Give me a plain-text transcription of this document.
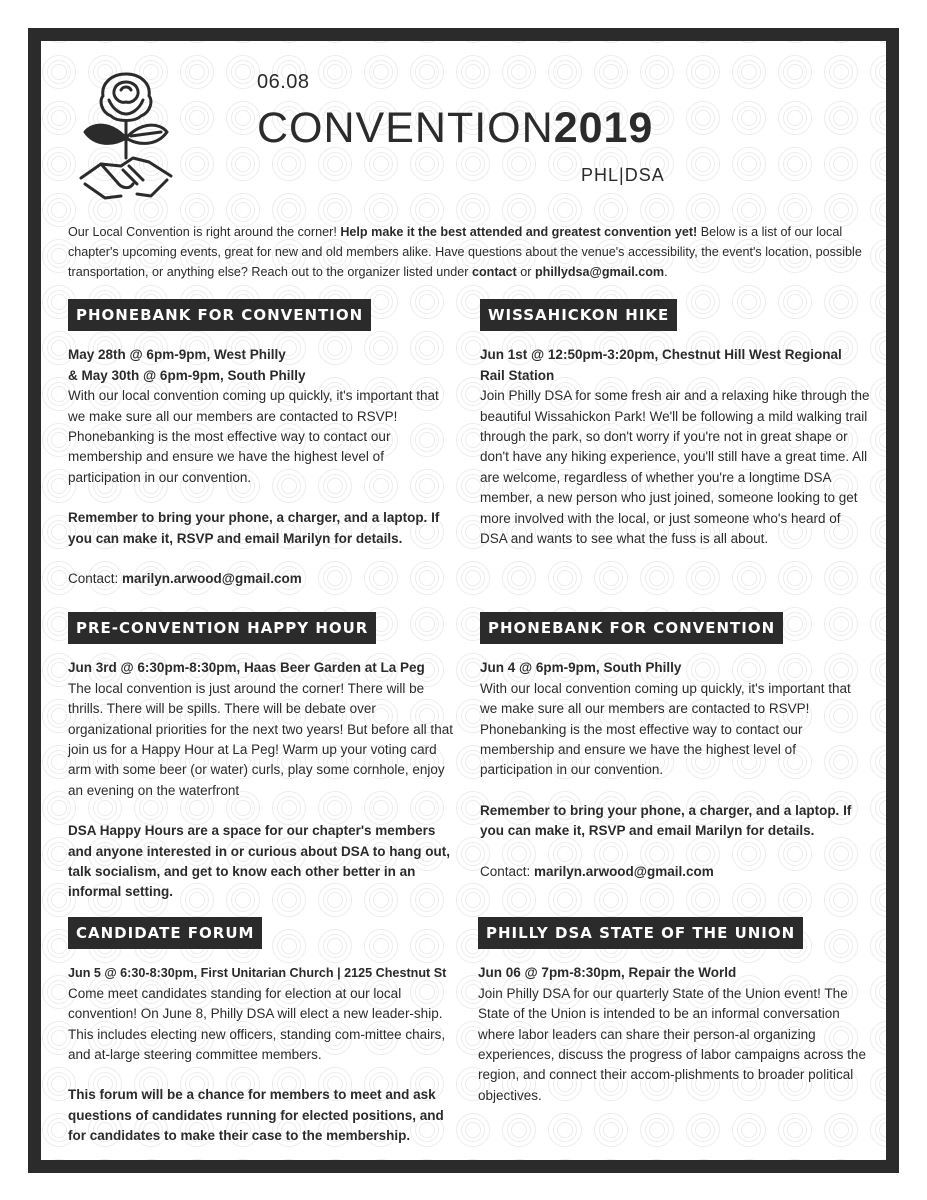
06.08
CONVENTION2019
PHL|DSA
Our Local Convention is right around the corner! Help make it the best attended and greatest convention yet! Below is a list of our local chapter's upcoming events, great for new and old members alike. Have questions about the venue's accessibility, the event's location, possible transportation, or anything else? Reach out to the organizer listed under contact or phillydsa@gmail.com.
PHONEBANK FOR CONVENTION
May 28th @ 6pm-9pm, West Philly
& May 30th @ 6pm-9pm, South Philly

With our local convention coming up quickly, it's important that we make sure all our members are contacted to RSVP! Phonebanking is the most effective way to contact our membership and ensure we have the highest level of participation in our convention.

Remember to bring your phone, a charger, and a laptop. If you can make it, RSVP and email Marilyn for details.

Contact: marilyn.arwood@gmail.com
WISSAHICKON HIKE
Jun 1st @ 12:50pm-3:20pm, Chestnut Hill West Regional Rail Station

Join Philly DSA for some fresh air and a relaxing hike through the beautiful Wissahickon Park! We'll be following a mild walking trail through the park, so don't worry if you're not in great shape or don't have any hiking experience, you'll still have a great time. All are welcome, regardless of whether you're a longtime DSA member, a new person who just joined, someone looking to get more involved with the local, or just someone who's heard of DSA and wants to see what the fuss is all about.

PRE-CONVENTION HAPPY HOUR
Jun 3rd @ 6:30pm-8:30pm, Haas Beer Garden at La Peg

The local convention is just around the corner! There will be thrills. There will be spills. There will be debate over organizational priorities for the next two years! But before all that join us for a Happy Hour at La Peg! Warm up your voting card arm with some beer (or water) curls, play some cornhole, enjoy an evening on the waterfront

DSA Happy Hours are a space for our chapter's members and anyone interested in or curious about DSA to hang out, talk socialism, and get to know each other better in an informal setting.

PHONEBANK FOR CONVENTION
Jun 4 @ 6pm-9pm, South Philly

With our local convention coming up quickly, it's important that we make sure all our members are contacted to RSVP! Phonebanking is the most effective way to contact our membership and ensure we have the highest level of participation in our convention.

Remember to bring your phone, a charger, and a laptop. If you can make it, RSVP and email Marilyn for details.

Contact: marilyn.arwood@gmail.com
CANDIDATE FORUM
Jun 5 @ 6:30-8:30pm, First Unitarian Church | 2125 Chestnut St

Come meet candidates standing for election at our local convention! On June 8, Philly DSA will elect a new leader-ship. This includes electing new officers, standing com-mittee chairs, and at-large steering committee members.

This forum will be a chance for members to meet and ask questions of candidates running for elected positions, and for candidates to make their case to the membership.

PHILLY DSA STATE OF THE UNION
Jun 06 @ 7pm-8:30pm, Repair the World

Join Philly DSA for our quarterly State of the Union event! The State of the Union is intended to be an informal conversation where labor leaders can share their person-al organizing experiences, discuss the progress of labor campaigns across the region, and connect their accom-plishments to broader political objectives.
